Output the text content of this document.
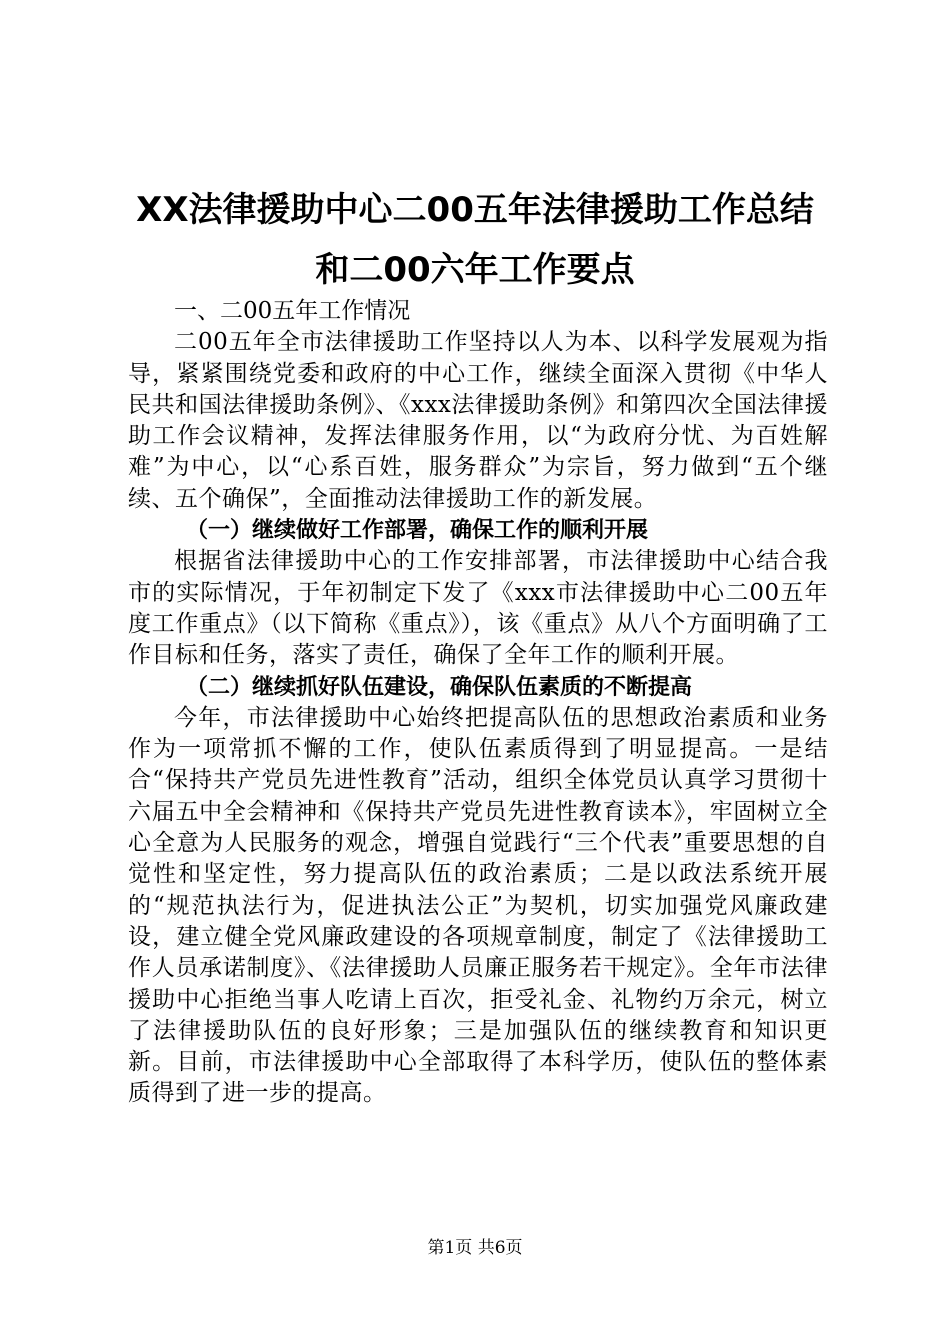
XX法律援助中心二00五年法律援助工作总结
和二00六年工作要点

一、二00五年工作情况

二00五年全市法律援助工作坚持以人为本、以科学发展观为指导，紧紧围绕党委和政府的中心工作，继续全面深入贯彻《中华人民共和国法律援助条例》、《xxx法律援助条例》和第四次全国法律援助工作会议精神，发挥法律服务作用，以“为政府分忧、为百姓解难”为中心，以“心系百姓，服务群众”为宗旨，努力做到“五个继续、五个确保”，全面推动法律援助工作的新发展。

（一）继续做好工作部署，确保工作的顺利开展

根据省法律援助中心的工作安排部署，市法律援助中心结合我市的实际情况，于年初制定下发了《xxx市法律援助中心二00五年度工作重点》（以下简称《重点》），该《重点》从八个方面明确了工作目标和任务，落实了责任，确保了全年工作的顺利开展。

（二）继续抓好队伍建设，确保队伍素质的不断提高

今年，市法律援助中心始终把提高队伍的思想政治素质和业务作为一项常抓不懈的工作，使队伍素质得到了明显提高。一是结合“保持共产党员先进性教育”活动，组织全体党员认真学习贯彻十六届五中全会精神和《保持共产党员先进性教育读本》，牢固树立全心全意为人民服务的观念，增强自觉践行“三个代表”重要思想的自觉性和坚定性，努力提高队伍的政治素质；二是以政法系统开展的“规范执法行为，促进执法公正”为契机，切实加强党风廉政建设，建立健全党风廉政建设的各项规章制度，制定了《法律援助工作人员承诺制度》、《法律援助人员廉正服务若干规定》。全年市法律援助中心拒绝当事人吃请上百次，拒受礼金、礼物约万余元，树立了法律援助队伍的良好形象；三是加强队伍的继续教育和知识更新。目前，市法律援助中心全部取得了本科学历，使队伍的整体素质得到了进一步的提高。

第1页 共6页
